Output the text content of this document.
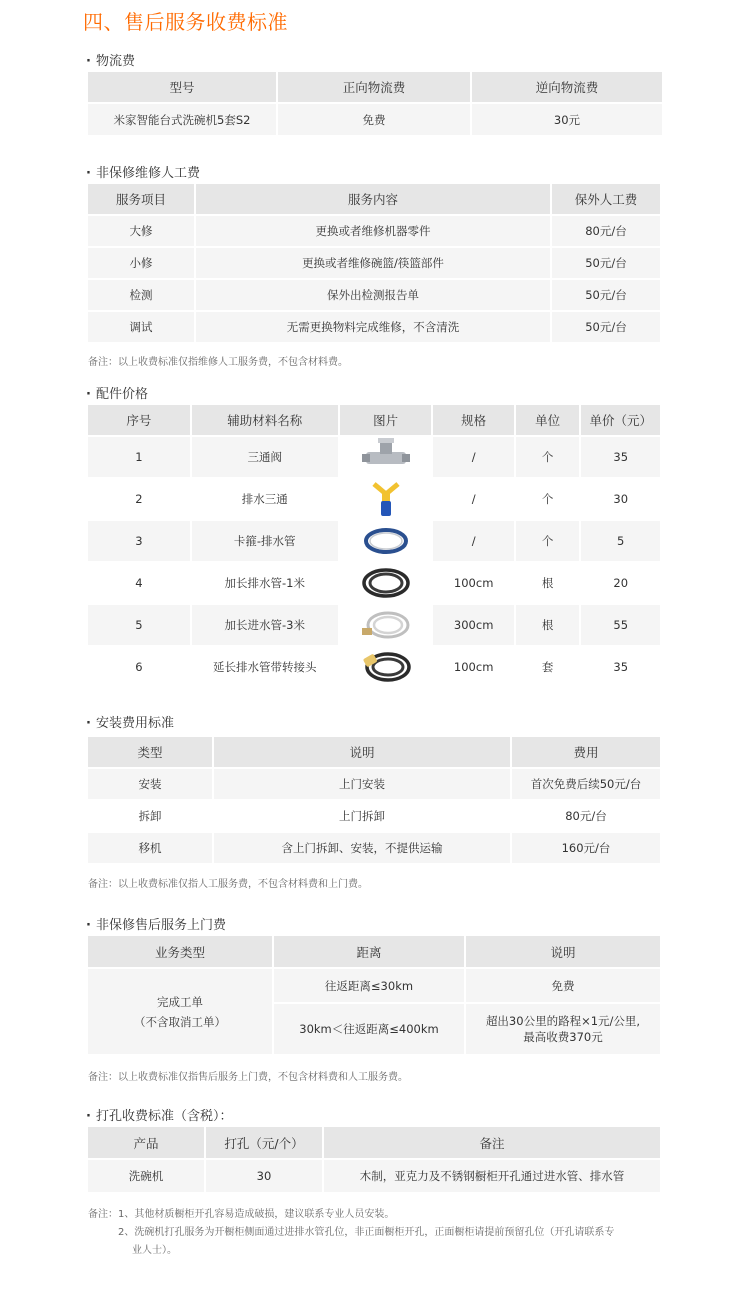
四、售后服务收费标准
· 物流费
型号	正向物流费	逆向物流费
米家智能台式洗碗机5套S2	免费	30元
· 非保修维修人工费
服务项目	服务内容	保外人工费
大修	更换或者维修机器零件	80元/台
小修	更换或者维修碗篮/筷篮部件	50元/台
检测	保外出检测报告单	50元/台
调试	无需更换物料完成维修，不含清洗	50元/台
备注：以上收费标准仅指维修人工服务费，不包含材料费。
· 配件价格
序号	辅助材料名称	图片	规格	单位	单价（元）
1	三通阀		/	个	35
2	排水三通		/	个	30
3	卡箍-排水管		/	个	5
4	加长排水管-1米		100cm	根	20
5	加长进水管-3米		300cm	根	55
6	延长排水管带转接头		100cm	套	35
· 安装费用标准
类型	说明	费用
安装	上门安装	首次免费后续50元/台
拆卸	上门拆卸	80元/台
移机	含上门拆卸、安装，不提供运输	160元/台
备注：以上收费标准仅指人工服务费，不包含材料费和上门费。
· 非保修售后服务上门费
业务类型	距离	说明

完成工单
（不含取消工单）	往返距离≤30km	免费
	30km＜往返距离≤400km	超出30公里的路程×1元/公里,
最高收费370元
备注：以上收费标准仅指售后服务上门费，不包含材料费和人工服务费。
· 打孔收费标准（含税）：
产品	打孔（元/个）	备注
洗碗机	30	木制，亚克力及不锈钢橱柜开孔通过进水管、排水管
备注：1、其他材质橱柜开孔容易造成破损，建议联系专业人员安装。
2、洗碗机打孔服务为开橱柜侧面通过进排水管孔位，非正面橱柜开孔，正面橱柜请提前预留孔位（开孔请联系专
业人士）。
